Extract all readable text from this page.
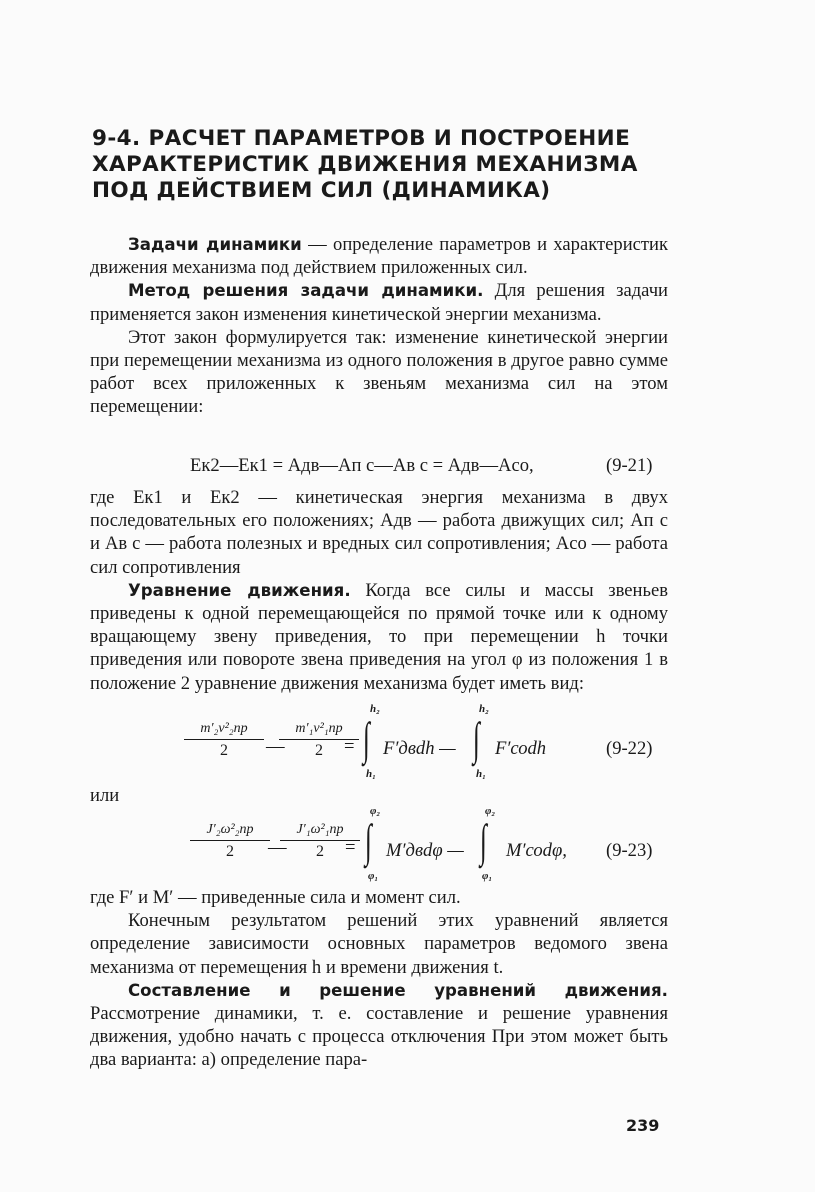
9-4. РАСЧЕТ ПАРАМЕТРОВ И ПОСТРОЕНИЕ
ХАРАКТЕРИСТИК ДВИЖЕНИЯ МЕХАНИЗМА
ПОД ДЕЙСТВИЕМ СИЛ (ДИНАМИКА)

Задачи динамики — определение параметров и характеристик движения механизма под действием приложенных сил.

Метод решения задачи динамики. Для решения задачи применяется закон изменения кинетической энергии механизма.

Этот закон формулируется так: изменение кинетической энергии при перемещении механизма из одного положения в другое равно сумме работ всех приложенных к звеньям механизма сил на этом перемещении:

Eк2—Eк1 = Aдв—Aп с—Aв с = Aдв—Aсо,	(9-21)

где Eк1 и Eк2 — кинетическая энергия механизма в двух последовательных его положениях; Aдв — работа движущих сил; Aп с и Aв с — работа полезных и вредных сил сопротивления; Aсо — работа сил сопротивления

Уравнение движения. Когда все силы и массы звеньев приведены к одной перемещающейся по прямой точке или к одному вращающему звену приведения, то при перемещении h точки приведения или повороте звена приведения на угол φ из положения 1 в положение 2 уравнение движения механизма будет иметь вид:

m′₂v²₂пр
2	—
m′₁v²₁пр
2	=
h₂
∫
h₁
F′двdh —
h₂
∫
h₁
F′соdh	(9-22)
или
J′₂ω²₂пр
2	—
J′₁ω²₁пр
2	=
φ₂
∫
φ₁
M′двdφ —
φ₂
∫
φ₁
M′соdφ, (9-23)

где F′ и M′ — приведенные сила и момент сил.

Конечным результатом решений этих уравнений является определение зависимости основных параметров ведомого звена механизма от перемещения h и времени движения t.

Составление и решение уравнений движения. Рассмотрение динамики, т. е. составление и решение уравнения движения, удобно начать с процесса отключения При этом может быть два варианта: а) определение пара-

239
